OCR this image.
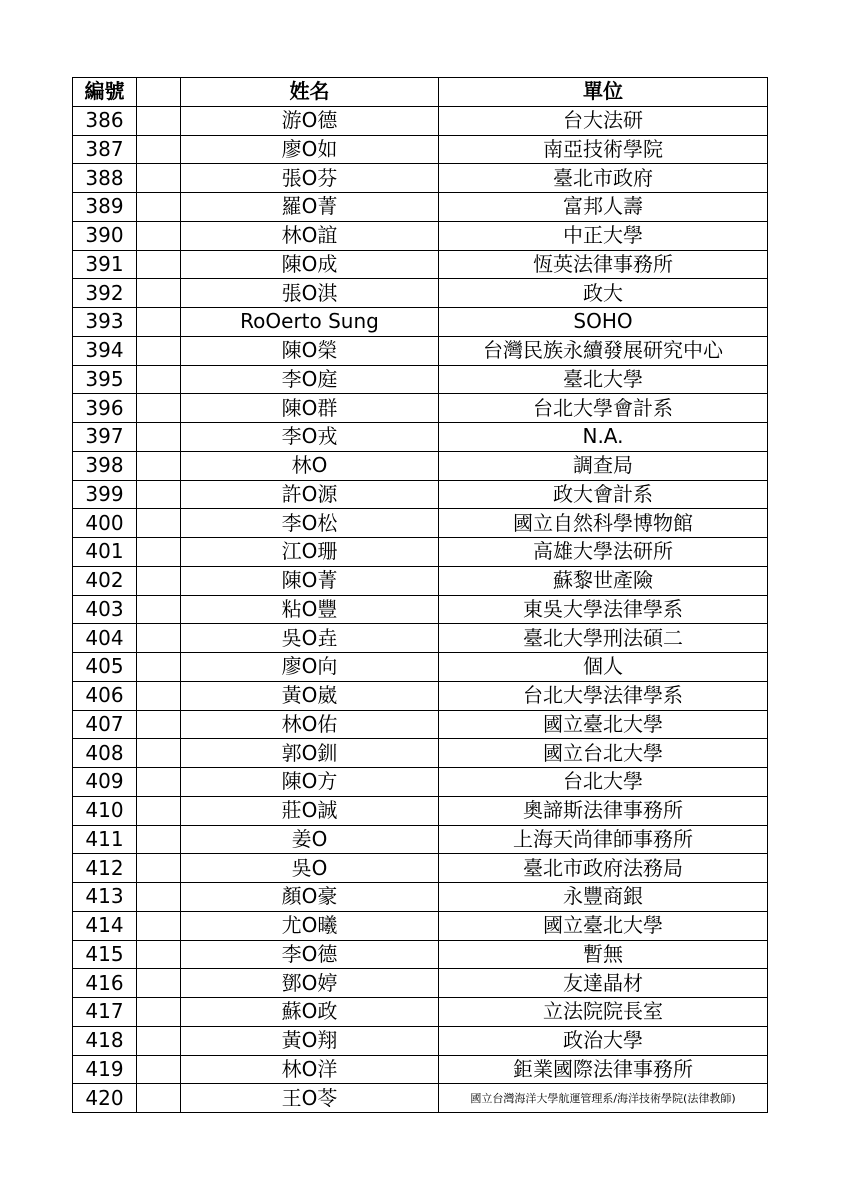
編號		姓名	單位
386		游O德	台大法研
387		廖O如	南亞技術學院
388		張O芬	臺北市政府
389		羅O菁	富邦人壽
390		林O誼	中正大學
391		陳O成	恆英法律事務所
392		張O淇	政大
393		RoOerto Sung	SOHO
394		陳O榮	台灣民族永續發展研究中心
395		李O庭	臺北大學
396		陳O群	台北大學會計系
397		李O戎	N.A.
398		林O	調查局
399		許O源	政大會計系
400		李O松	國立自然科學博物館
401		江O珊	高雄大學法研所
402		陳O菁	蘇黎世產險
403		粘O豐	東吳大學法律學系
404		吳O垚	臺北大學刑法碩二
405		廖O向	個人
406		黃O崴	台北大學法律學系
407		林O佑	國立臺北大學
408		郭O釧	國立台北大學
409		陳O方	台北大學
410		莊O誠	奧諦斯法律事務所
411		姜O	上海天尚律師事務所
412		吳O	臺北市政府法務局
413		顏O豪	永豐商銀
414		尤O曦	國立臺北大學
415		李O德	暫無
416		鄧O婷	友達晶材
417		蘇O政	立法院院長室
418		黃O翔	政治大學
419		林O洋	鉅業國際法律事務所
420		王O苓	國立台灣海洋大學航運管理系/海洋技術學院(法律教師)
